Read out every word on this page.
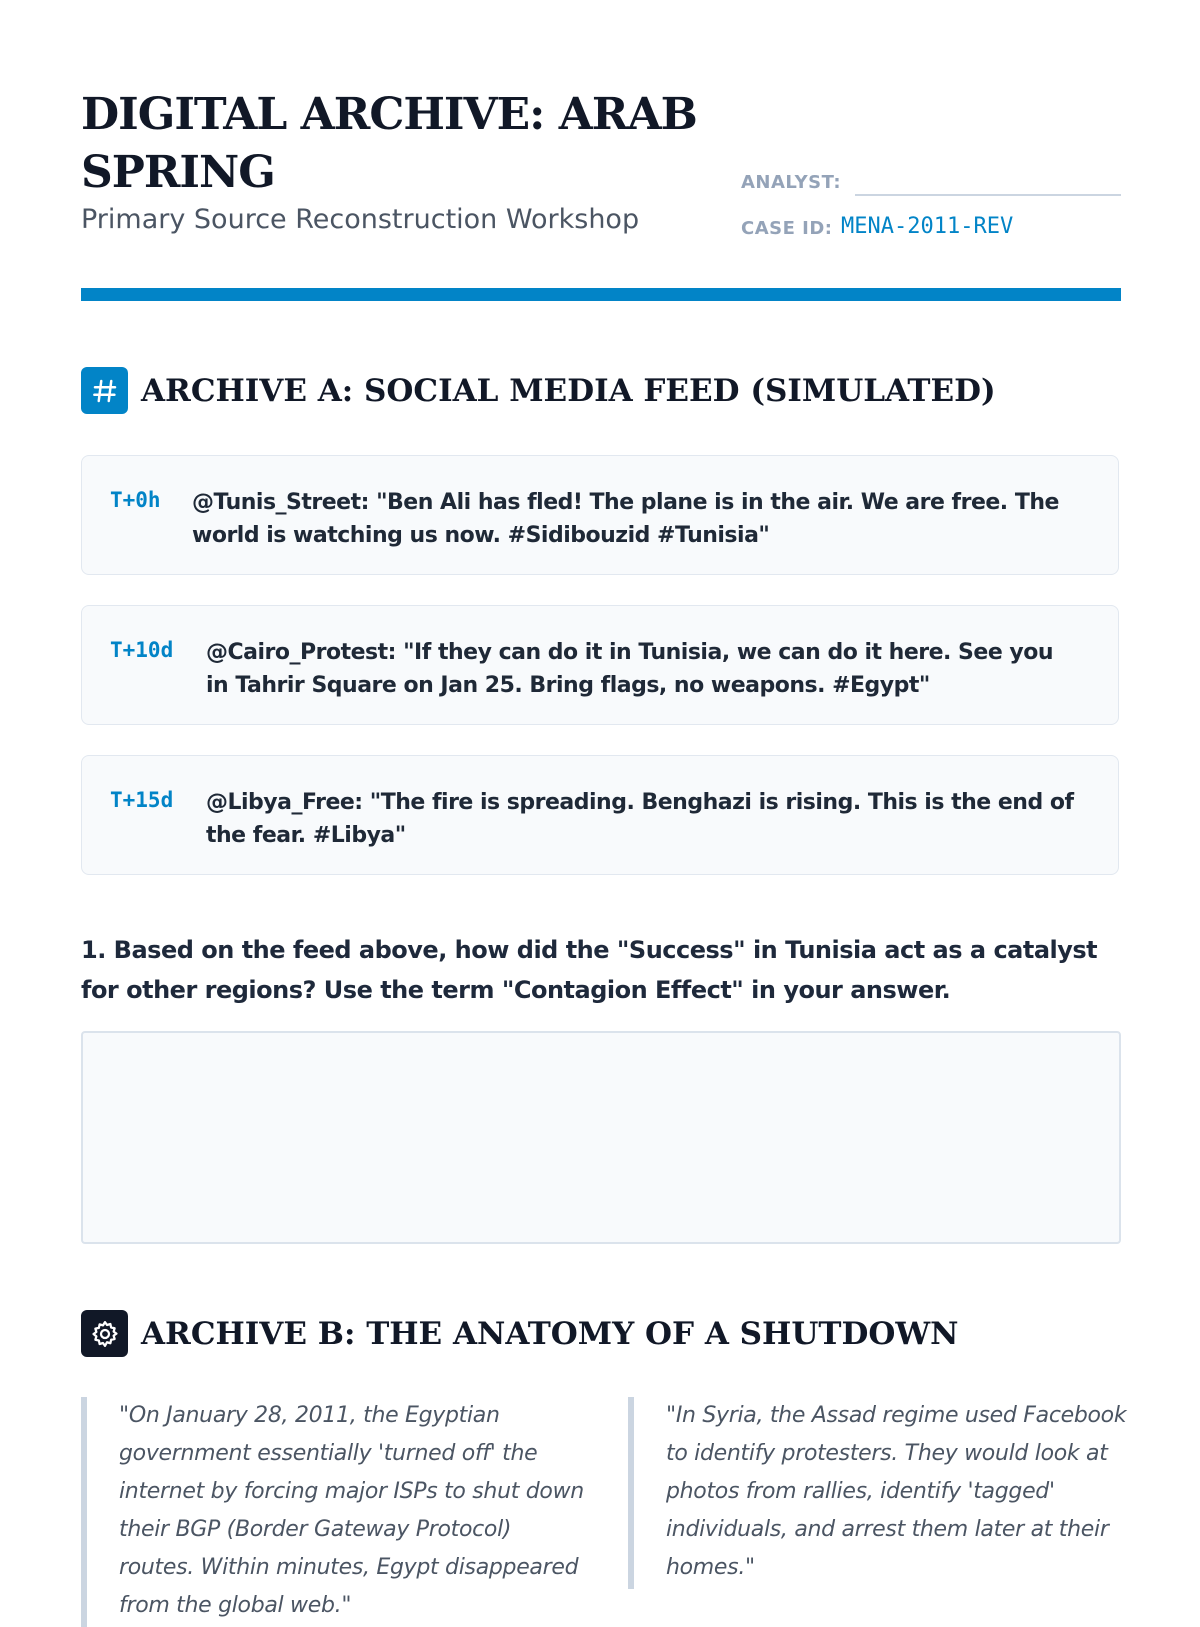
DIGITAL ARCHIVE: ARAB SPRING
Primary Source Reconstruction Workshop
ANALYST:
CASE ID: MENA-2011-REV
ARCHIVE A: SOCIAL MEDIA FEED (SIMULATED)
T+0h @Tunis_Street: "Ben Ali has fled! The plane is in the air. We are free. The world is watching us now. #Sidibouzid #Tunisia"
T+10d @Cairo_Protest: "If they can do it in Tunisia, we can do it here. See you in Tahrir Square on Jan 25. Bring flags, no weapons. #Egypt"
T+15d @Libya_Free: "The fire is spreading. Benghazi is rising. This is the end of the fear. #Libya"

1. Based on the feed above, how did the "Success" in Tunisia act as a catalyst for other regions? Use the term "Contagion Effect" in your answer.

ARCHIVE B: THE ANATOMY OF A SHUTDOWN
"On January 28, 2011, the Egyptian government essentially 'turned off' the internet by forcing major ISPs to shut down their BGP (Border Gateway Protocol) routes. Within minutes, Egypt disappeared from the global web."
"In Syria, the Assad regime used Facebook to identify protesters. They would look at photos from rallies, identify 'tagged' individuals, and arrest them later at their homes."
